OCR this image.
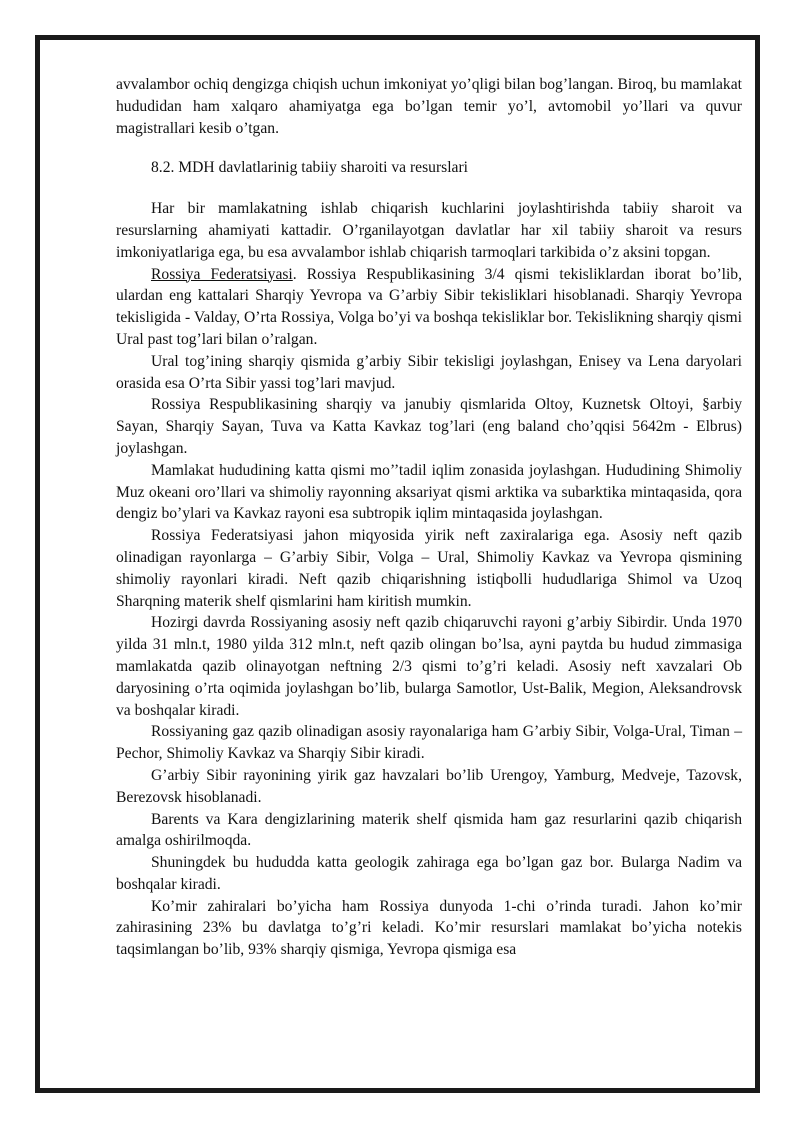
avvalambor ochiq dengizga chiqish uchun imkoniyat yo’qligi bilan bog’langan. Biroq, bu mamlakat hududidan ham xalqaro ahamiyatga ega bo’lgan temir yo’l, avtomobil yo’llari va quvur magistrallari kesib o’tgan.

8.2. MDH davlatlarinig tabiiy sharoiti va resurslari

Har bir mamlakatning ishlab chiqarish kuchlarini joylashtirishda tabiiy sharoit va resurslarning ahamiyati kattadir. O’rganilayotgan davlatlar har xil tabiiy sharoit va resurs imkoniyatlariga ega, bu esa avvalambor ishlab chiqarish tarmoqlari tarkibida o’z aksini topgan.

Rossiya Federatsiyasi. Rossiya Respublikasining 3/4 qismi tekisliklardan iborat bo’lib, ulardan eng kattalari Sharqiy Yevropa va G’arbiy Sibir tekisliklari hisoblanadi. Sharqiy Yevropa tekisligida - Valday, O’rta Rossiya, Volga bo’yi va boshqa tekisliklar bor. Tekislikning sharqiy qismi Ural past tog’lari bilan o’ralgan.

Ural tog’ining sharqiy qismida g’arbiy Sibir tekisligi joylashgan, Enisey va Lena daryolari orasida esa O’rta Sibir yassi tog’lari mavjud.

Rossiya Respublikasining sharqiy va janubiy qismlarida Oltoy, Kuznetsk Oltoyi, §arbiy Sayan, Sharqiy Sayan, Tuva va Katta Kavkaz tog’lari (eng baland cho’qqisi 5642m - Elbrus) joylashgan.

Mamlakat hududining katta qismi mo’’tadil iqlim zonasida joylashgan. Hududining Shimoliy Muz okeani oro’llari va shimoliy rayonning aksariyat qismi arktika va subarktika mintaqasida, qora dengiz bo’ylari va Kavkaz rayoni esa subtropik iqlim mintaqasida joylashgan.

Rossiya Federatsiyasi jahon miqyosida yirik neft zaxiralariga ega. Asosiy neft qazib olinadigan rayonlarga – G’arbiy Sibir, Volga – Ural, Shimoliy Kavkaz va Yevropa qismining shimoliy rayonlari kiradi. Neft qazib chiqarishning istiqbolli hududlariga Shimol va Uzoq Sharqning materik shelf qismlarini ham kiritish mumkin.

Hozirgi davrda Rossiyaning asosiy neft qazib chiqaruvchi rayoni g’arbiy Sibirdir. Unda 1970 yilda 31 mln.t, 1980 yilda 312 mln.t, neft qazib olingan bo’lsa, ayni paytda bu hudud zimmasiga mamlakatda qazib olinayotgan neftning 2/3 qismi to’g’ri keladi. Asosiy neft xavzalari Ob daryosining o’rta oqimida joylashgan bo’lib, bularga Samotlor, Ust-Balik, Megion, Aleksandrovsk va boshqalar kiradi.

Rossiyaning gaz qazib olinadigan asosiy rayonalariga ham G’arbiy Sibir, Volga-Ural, Timan – Pechor, Shimoliy Kavkaz va Sharqiy Sibir kiradi.

G’arbiy Sibir rayonining yirik gaz havzalari bo’lib Urengoy, Yamburg, Medveje, Tazovsk, Berezovsk hisoblanadi.

Barents va Kara dengizlarining materik shelf qismida ham gaz resurlarini qazib chiqarish amalga oshirilmoqda.

Shuningdek bu hududda katta geologik zahiraga ega bo’lgan gaz bor. Bularga Nadim va boshqalar kiradi.

Ko’mir zahiralari bo’yicha ham Rossiya dunyoda 1-chi o’rinda turadi. Jahon ko’mir zahirasining 23% bu davlatga to’g’ri keladi. Ko’mir resurslari mamlakat bo’yicha notekis taqsimlangan bo’lib, 93% sharqiy qismiga, Yevropa qismiga esa
